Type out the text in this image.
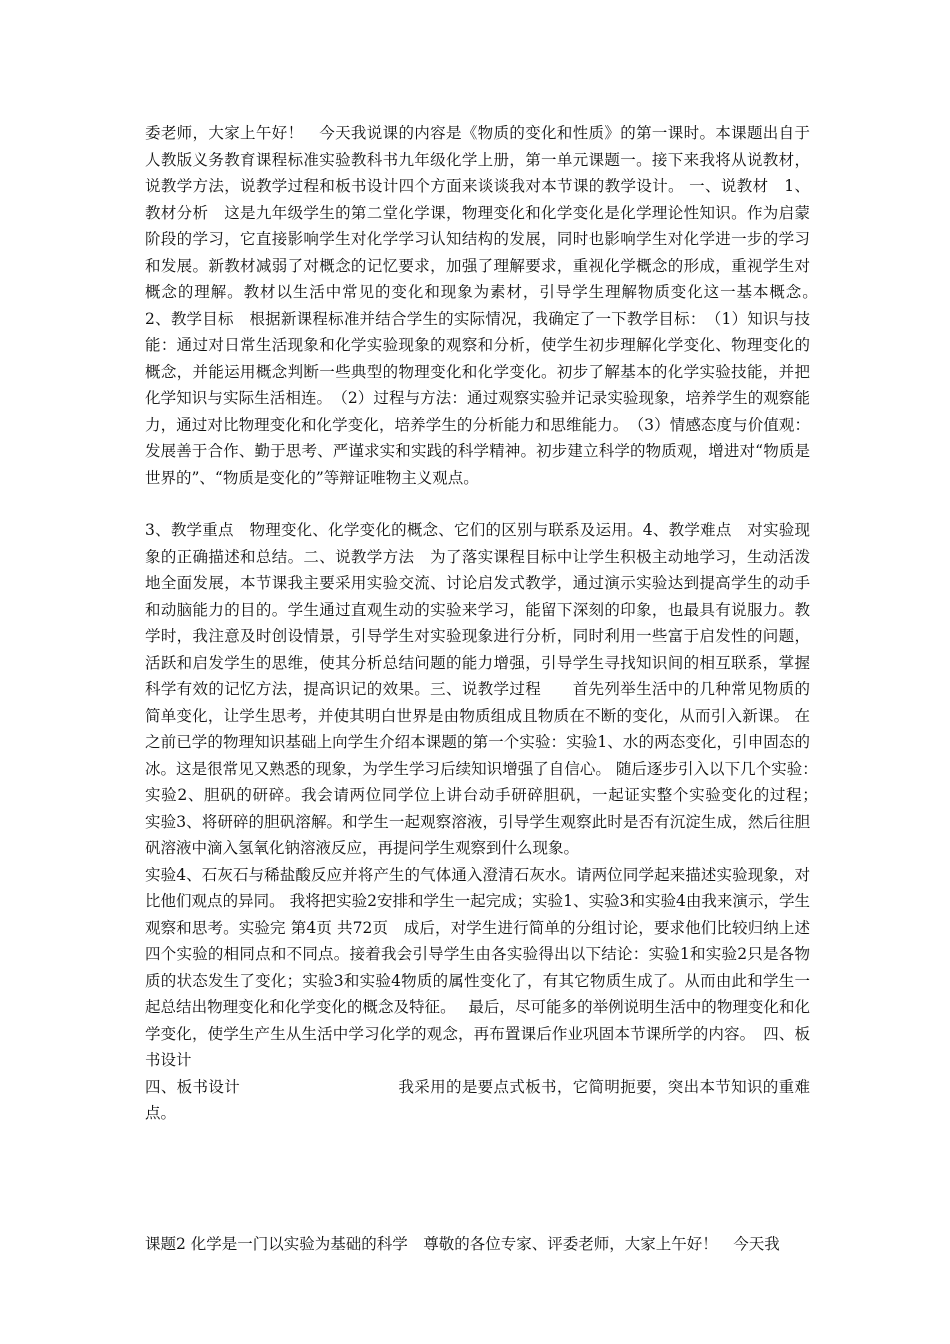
委老师，大家上午好！　今天我说课的内容是《物质的变化和性质》的第一课时。本课题出自于人教版义务教育课程标准实验教科书九年级化学上册，第一单元课题一。接下来我将从说教材，说教学方法，说教学过程和板书设计四个方面来谈谈我对本节课的教学设计。 一、说教材　1、教材分析　这是九年级学生的第二堂化学课，物理变化和化学变化是化学理论性知识。作为启蒙阶段的学习，它直接影响学生对化学学习认知结构的发展，同时也影响学生对化学进一步的学习和发展。新教材减弱了对概念的记忆要求，加强了理解要求，重视化学概念的形成，重视学生对概念的理解。教材以生活中常见的变化和现象为素材，引导学生理解物质变化这一基本概念。　 2、教学目标　根据新课程标准并结合学生的实际情况，我确定了一下教学目标：　（1）知识与技能：通过对日常生活现象和化学实验现象的观察和分析，使学生初步理解化学变化、物理变化的概念，并能运用概念判断一些典型的物理变化和化学变化。初步了解基本的化学实验技能，并把化学知识与实际生活相连。　（2）过程与方法：通过观察实验并记录实验现象，培养学生的观察能力，通过对比物理变化和化学变化，培养学生的分析能力和思维能力。　（3）情感态度与价值观：发展善于合作、勤于思考、严谨求实和实践的科学精神。初步建立科学的物质观，增进对“物质是世界的”、“物质是变化的”等辩证唯物主义观点。

3、教学重点　物理变化、化学变化的概念、它们的区别与联系及运用。4、教学难点　对实验现象的正确描述和总结。二、说教学方法　为了落实课程目标中让学生积极主动地学习，生动活泼地全面发展，本节课我主要采用实验交流、讨论启发式教学，通过演示实验达到提高学生的动手和动脑能力的目的。学生通过直观生动的实验来学习，能留下深刻的印象，也最具有说服力。教学时，我注意及时创设情景，引导学生对实验现象进行分析，同时利用一些富于启发性的问题，活跃和启发学生的思维，使其分析总结问题的能力增强，引导学生寻找知识间的相互联系，掌握科学有效的记忆方法，提高识记的效果。三、说教学过程　　首先列举生活中的几种常见物质的简单变化，让学生思考，并使其明白世界是由物质组成且物质在不断的变化，从而引入新课。 在之前已学的物理知识基础上向学生介绍本课题的第一个实验：实验1、水的两态变化，引申固态的冰。这是很常见又熟悉的现象，为学生学习后续知识增强了自信心。 随后逐步引入以下几个实验：　　实验2、胆矾的研碎。我会请两位同学位上讲台动手研碎胆矾，一起证实整个实验变化的过程；　　实验3、将研碎的胆矾溶解。和学生一起观察溶液，引导学生观察此时是否有沉淀生成，然后往胆矾溶液中滴入氢氧化钠溶液反应，再提问学生观察到什么现象。

实验4、石灰石与稀盐酸反应并将产生的气体通入澄清石灰水。请两位同学起来描述实验现象，对比他们观点的异同。 我将把实验2安排和学生一起完成；实验1、实验3和实验4由我来演示，学生观察和思考。实验完 第4页 共72页　成后，对学生进行简单的分组讨论，要求他们比较归纳上述四个实验的相同点和不同点。接着我会引导学生由各实验得出以下结论：实验1和实验2只是各物质的状态发生了变化；实验3和实验4物质的属性变化了，有其它物质生成了。从而由此和学生一起总结出物理变化和化学变化的概念及特征。　 最后，尽可能多的举例说明生活中的物理变化和化学变化，使学生产生从生活中学习化学的观念，再布置课后作业巩固本节课所学的内容。　四、板书设计

四、板书设计　　　　　　　　　　我采用的是要点式板书，它简明扼要，突出本节知识的重难点。

课题2 化学是一门以实验为基础的科学　尊敬的各位专家、评委老师，大家上午好！　今天我
